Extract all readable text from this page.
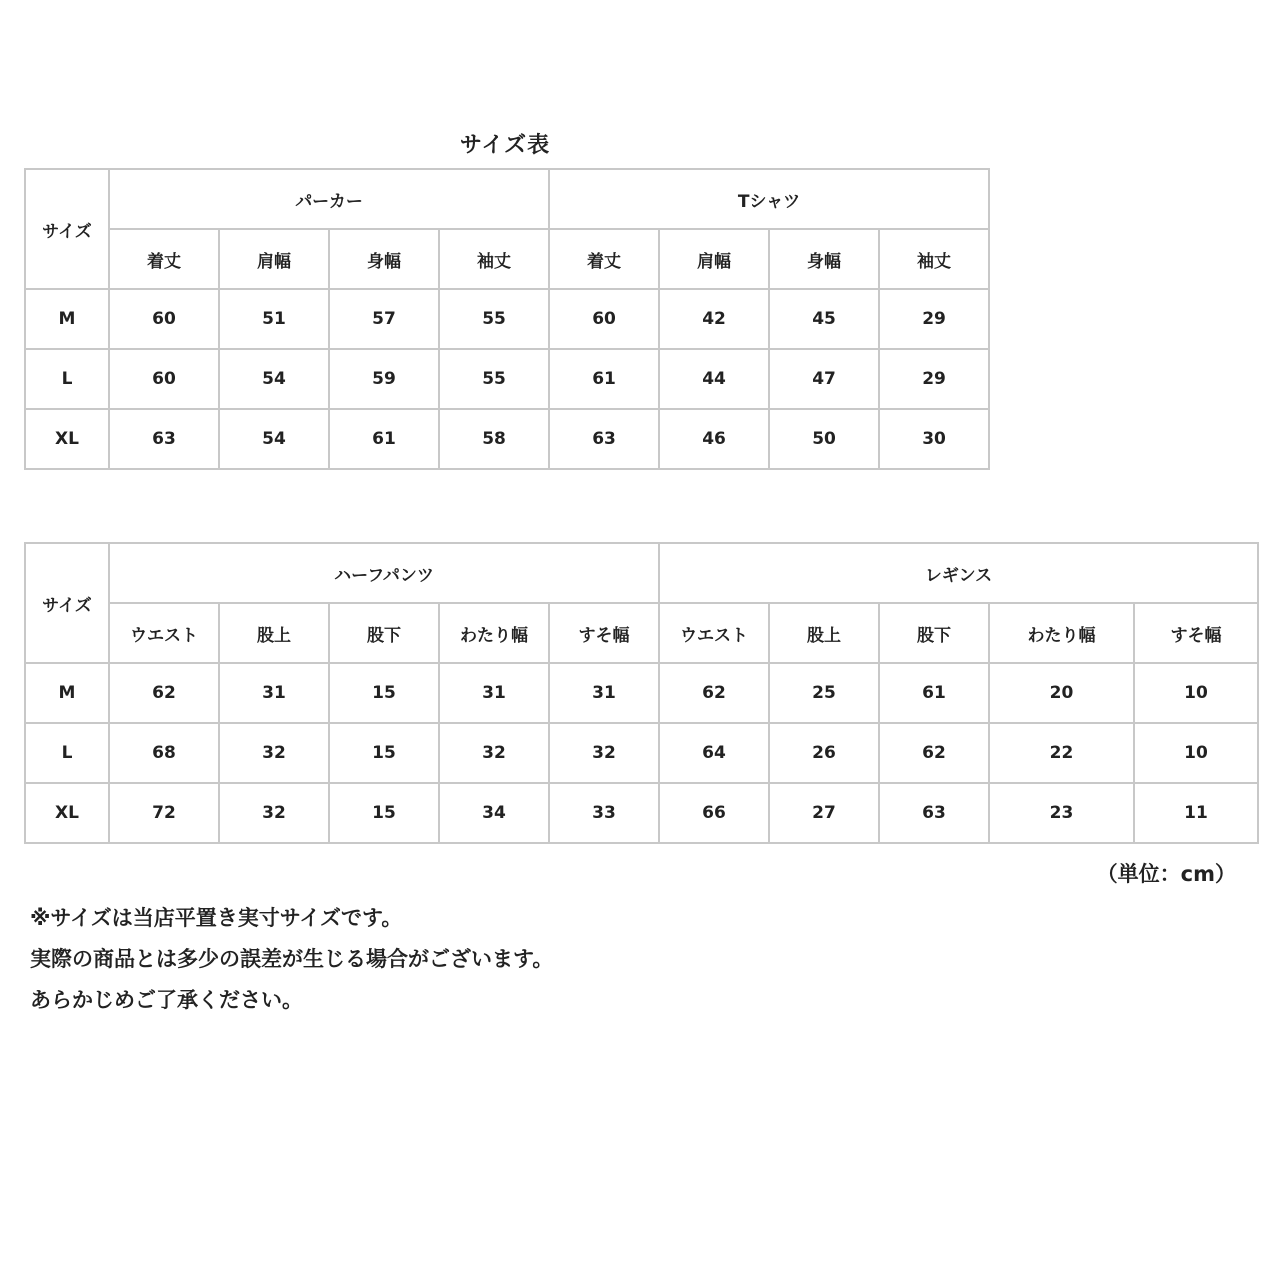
サイズ表
サイズ	パーカー				Tシャツ			
	着丈	肩幅	身幅	袖丈	着丈	肩幅	身幅	袖丈
M	60	51	57	55	60	42	45	29
L	60	54	59	55	61	44	47	29
XL	63	54	61	58	63	46	50	30
サイズ	ハーフパンツ					レギンス				
	ウエスト	股上	股下	わたり幅	すそ幅	ウエスト	股上	股下	わたり幅	すそ幅
M	62	31	15	31	31	62	25	61	20	10
L	68	32	15	32	32	64	26	62	22	10
XL	72	32	15	34	33	66	27	63	23	11
（単位：cm）
※サイズは当店平置き実寸サイズです。
実際の商品とは多少の誤差が生じる場合がございます。
あらかじめご了承ください。
